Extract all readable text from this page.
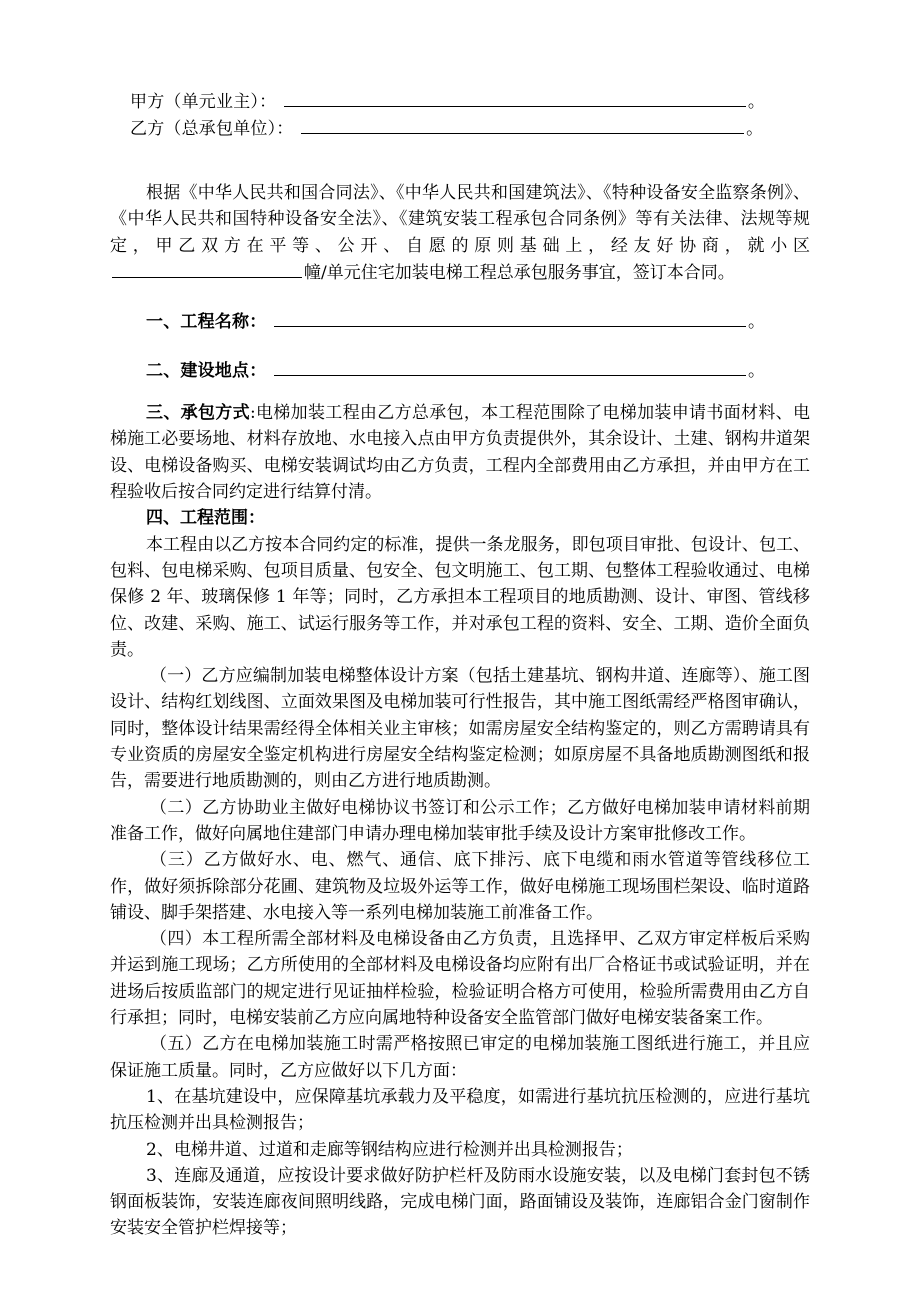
甲方（单元业主）：	。
乙方（总承包单位）：	。

根据《中华人民共和国合同法》、《中华人民共和国建筑法》、《特种设备安全监察条例》、《中华人民共和国特种设备安全法》、《建筑安装工程承包合同条例》等有关法律、法规等规定，甲乙双方在平等、公开、自愿的原则基础上，经友好协商，就小区幢/单元住宅加装电梯工程总承包服务事宜，签订本合同。

一、工程名称：	。
二、建设地点：	。

三、承包方式:电梯加装工程由乙方总承包，本工程范围除了电梯加装申请书面材料、电梯施工必要场地、材料存放地、水电接入点由甲方负责提供外，其余设计、土建、钢构井道架设、电梯设备购买、电梯安装调试均由乙方负责，工程内全部费用由乙方承担，并由甲方在工程验收后按合同约定进行结算付清。

四、工程范围：

本工程由以乙方按本合同约定的标准，提供一条龙服务，即包项目审批、包设计、包工、包料、包电梯采购、包项目质量、包安全、包文明施工、包工期、包整体工程验收通过、电梯保修 2 年、玻璃保修 1 年等；同时，乙方承担本工程项目的地质勘测、设计、审图、管线移位、改建、采购、施工、试运行服务等工作，并对承包工程的资料、安全、工期、造价全面负责。

（一）乙方应编制加装电梯整体设计方案（包括土建基坑、钢构井道、连廊等）、施工图设计、结构红划线图、立面效果图及电梯加装可行性报告，其中施工图纸需经严格图审确认，同时，整体设计结果需经得全体相关业主审核；如需房屋安全结构鉴定的，则乙方需聘请具有专业资质的房屋安全鉴定机构进行房屋安全结构鉴定检测；如原房屋不具备地质勘测图纸和报告，需要进行地质勘测的，则由乙方进行地质勘测。

（二）乙方协助业主做好电梯协议书签订和公示工作；乙方做好电梯加装申请材料前期准备工作，做好向属地住建部门申请办理电梯加装审批手续及设计方案审批修改工作。

（三）乙方做好水、电、燃气、通信、底下排污、底下电缆和雨水管道等管线移位工作，做好须拆除部分花圃、建筑物及垃圾外运等工作，做好电梯施工现场围栏架设、临时道路铺设、脚手架搭建、水电接入等一系列电梯加装施工前准备工作。

（四）本工程所需全部材料及电梯设备由乙方负责，且选择甲、乙双方审定样板后采购并运到施工现场；乙方所使用的全部材料及电梯设备均应附有出厂合格证书或试验证明，并在进场后按质监部门的规定进行见证抽样检验，检验证明合格方可使用，检验所需费用由乙方自行承担；同时，电梯安装前乙方应向属地特种设备安全监管部门做好电梯安装备案工作。

（五）乙方在电梯加装施工时需严格按照已审定的电梯加装施工图纸进行施工，并且应保证施工质量。同时，乙方应做好以下几方面：

1、在基坑建设中，应保障基坑承载力及平稳度，如需进行基坑抗压检测的，应进行基坑抗压检测并出具检测报告；

2、电梯井道、过道和走廊等钢结构应进行检测并出具检测报告；

3、连廊及通道，应按设计要求做好防护栏杆及防雨水设施安装，以及电梯门套封包不锈钢面板装饰，安装连廊夜间照明线路，完成电梯门面，路面铺设及装饰，连廊铝合金门窗制作安装安全管护栏焊接等；
